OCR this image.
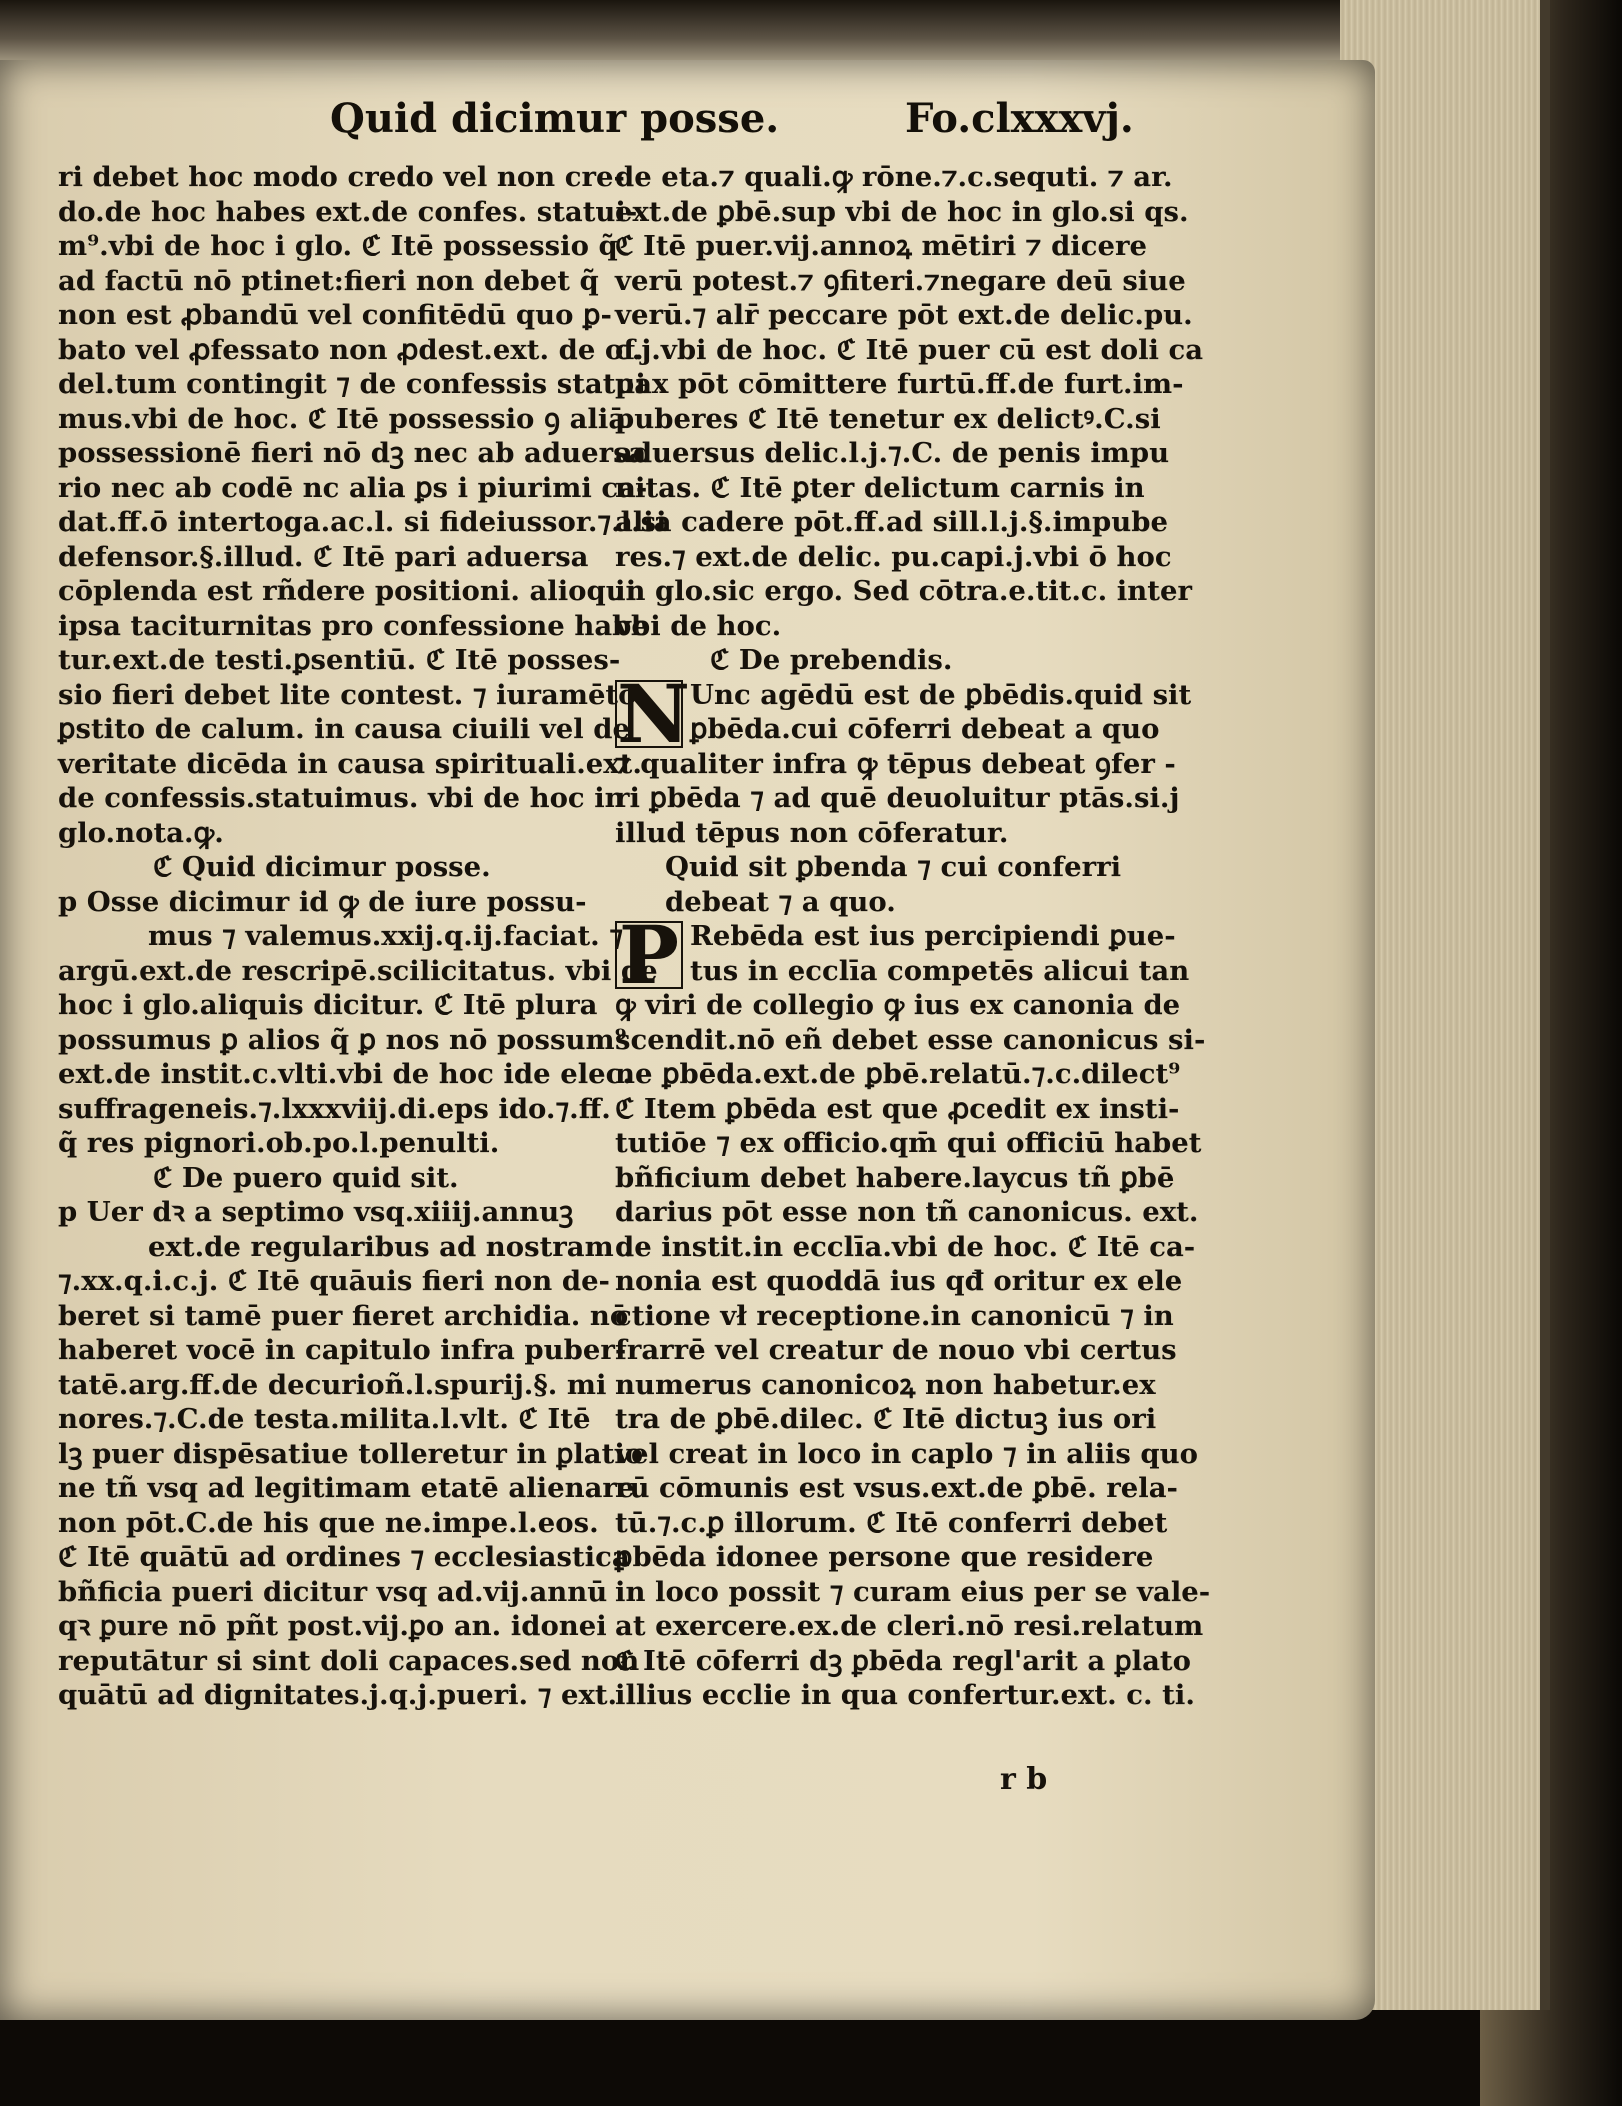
Quid dicimur posse.	Fo.clxxxvj.
ri debet hoc modo credo vel non cre-
do.de hoc habes ext.de confes. statui-
m⁹.vbi de hoc i glo. ℭ Itē possessio q̃
ad factū nō ptinet:fieri non debet q̃
non est ꝓbandū vel confitēdū quo ꝑ-
bato vel ꝓfessato non ꝓdest.ext. de of.
del.tum contingit ⁊ de confessis statui
mus.vbi de hoc. ℭ Itē possessio ꝯ aliā
possessionē fieri nō dꝫ nec ab aduersa
rio nec ab codē nc alia ꝑs i piurimi ca-
dat.ff.ō intertoga.ac.l. si fideiussor.⁊.l.si
defensor.§.illud. ℭ Itē pari aduersa
cōplenda est rñdere positioni. alioqui
ipsa taciturnitas pro confessione habe
tur.ext.de testi.ꝑsentiū. ℭ Itē posses-
sio fieri debet lite contest. ⁊ iuramēto
ꝑstito de calum. in causa ciuili vel de
veritate dicēda in causa spirituali.ext.
de confessis.statuimus. vbi de hoc in
glo.nota.ꝙ.
ℭ Quid dicimur posse.
p Osse dicimur id ꝙ de iure possu-
mus ⁊ valemus.xxij.q.ij.faciat. ⁊
argū.ext.de rescripē.scilicitatus. vbi de
hoc i glo.aliquis dicitur. ℭ Itē plura
possumus ꝑ alios q̃ ꝑ nos nō possum⁹
ext.de instit.c.vlti.vbi de hoc ide elec.
suffrageneis.⁊.lxxxviij.di.eps ido.⁊.ff.
q̃ res pignori.ob.po.l.penulti.
ℭ De puero quid sit.
p Uer dꝛ a septimo vsq.xiiij.annuꝫ
ext.de regularibus ad nostram .
⁊.xx.q.i.c.j. ℭ Itē quāuis fieri non de-
beret si tamē puer fieret archidia. nō
haberet vocē in capitulo infra puber-
tatē.arg.ff.de decurioñ.l.spurij.§. mi
nores.⁊.C.de testa.milita.l.vlt. ℭ Itē
lꝫ puer dispēsatiue tolleretur in ꝑlatio
ne tñ vsq ad legitimam etatē alienare
non pōt.C.de his que ne.impe.l.eos.
ℭ Itē quātū ad ordines ⁊ ecclesiastica
bñficia pueri dicitur vsq ad.vij.annū
qꝛ ꝑure nō pñt post.vij.ꝑo an. idonei
reputātur si sint doli capaces.sed non
quātū ad dignitates.j.q.j.pueri. ⁊ ext.
de eta.⁊ quali.ꝙ rōne.⁊.c.sequti. ⁊ ar.
ext.de ꝑbē.sup vbi de hoc in glo.si qs.
ℭ Itē puer.vij.annoꝝ mētiri ⁊ dicere
verū potest.⁊ ꝯfiteri.⁊negare deū siue
verū.⁊ alr̄ peccare pōt ext.de delic.pu.
c.j.vbi de hoc. ℭ Itē puer cū est doli ca
pax pōt cōmittere furtū.ff.de furt.im-
puberes ℭ Itē tenetur ex delictꝰ.C.si
aduersus delic.l.j.⁊.C. de penis impu
nitas. ℭ Itē ꝑter delictum carnis in
alia cadere pōt.ff.ad sill.l.j.§.impube
res.⁊ ext.de delic. pu.capi.j.vbi ō hoc
in glo.sic ergo. Sed cōtra.e.tit.c. inter
vbi de hoc.
ℭ De prebendis.
N Unc agēdū est de ꝑbēdis.quid sit
ꝑbēda.cui cōferri debeat a quo
⁊ qualiter infra ꝙ tēpus debeat ꝯfer -
ri ꝑbēda ⁊ ad quē deuoluitur ptās.si.j
illud tēpus non cōferatur.
Quid sit ꝑbenda ⁊ cui conferri
debeat ⁊ a quo.
P Rebēda est ius percipiendi ꝑue-
tus in ecclīa competēs alicui tan
ꝙ viri de collegio ꝙ ius ex canonia de
scendit.nō eñ debet esse canonicus si-
ne ꝑbēda.ext.de ꝑbē.relatū.⁊.c.dilect⁹
ℭ Item ꝑbēda est que ꝓcedit ex insti-
tutiōe ⁊ ex officio.qm̄ qui officiū habet
bñficium debet habere.laycus tñ ꝑbē
darius pōt esse non tñ canonicus. ext.
de instit.in ecclīa.vbi de hoc. ℭ Itē ca-
nonia est quoddā ius qđ oritur ex ele
ctione vł receptione.in canonicū ⁊ in
frarrē vel creatur de nouo vbi certus
numerus canonicoꝝ non habetur.ex
tra de ꝑbē.dilec. ℭ Itē dictuꝫ ius ori
vel creat in loco in caplo ⁊ in aliis quo
rū cōmunis est vsus.ext.de ꝑbē. rela-
tū.⁊.c.ꝑ illorum. ℭ Itē conferri debet
ꝑbēda idonee persone que residere
in loco possit ⁊ curam eius per se vale-
at exercere.ex.de cleri.nō resi.relatum
ℭ Itē cōferri dꝫ ꝑbēda regl'arit a ꝑlato
illius ecclie in qua confertur.ext. c. ti.
r b
